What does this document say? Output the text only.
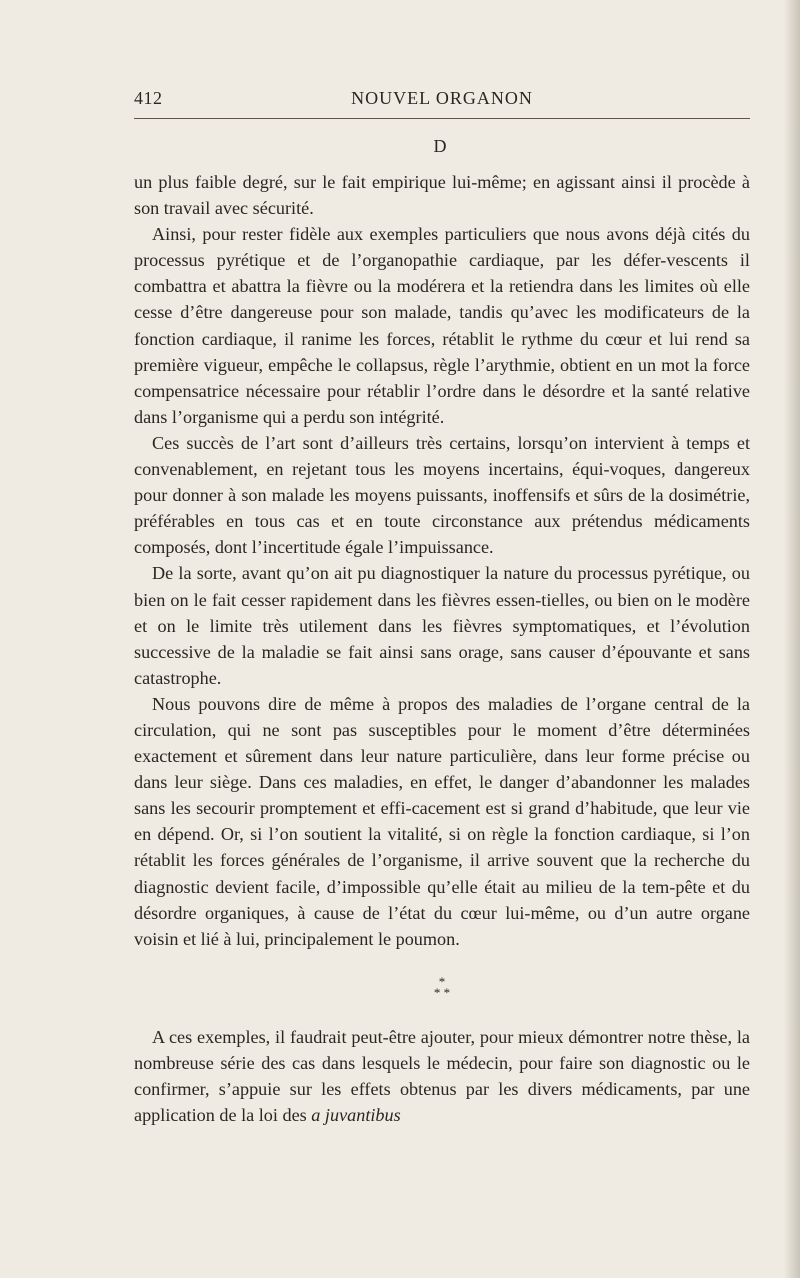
412	NOUVEL ORGANON
D

un plus faible degré, sur le fait empirique lui-même; en agissant ainsi il procède à son travail avec sécurité.

Ainsi, pour rester fidèle aux exemples particuliers que nous avons déjà cités du processus pyrétique et de l’organopathie cardiaque, par les défer-vescents il combattra et abattra la fièvre ou la modérera et la retiendra dans les limites où elle cesse d’être dangereuse pour son malade, tandis qu’avec les modificateurs de la fonction cardiaque, il ranime les forces, rétablit le rythme du cœur et lui rend sa première vigueur, empêche le collapsus, règle l’arythmie, obtient en un mot la force compensatrice nécessaire pour rétablir l’ordre dans le désordre et la santé relative dans l’organisme qui a perdu son intégrité.

Ces succès de l’art sont d’ailleurs très certains, lorsqu’on intervient à temps et convenablement, en rejetant tous les moyens incertains, équi-voques, dangereux pour donner à son malade les moyens puissants, inoffensifs et sûrs de la dosimétrie, préférables en tous cas et en toute circonstance aux prétendus médicaments composés, dont l’incertitude égale l’impuissance.

De la sorte, avant qu’on ait pu diagnostiquer la nature du processus pyrétique, ou bien on le fait cesser rapidement dans les fièvres essen-tielles, ou bien on le modère et on le limite très utilement dans les fièvres symptomatiques, et l’évolution successive de la maladie se fait ainsi sans orage, sans causer d’épouvante et sans catastrophe.

Nous pouvons dire de même à propos des maladies de l’organe central de la circulation, qui ne sont pas susceptibles pour le moment d’être déterminées exactement et sûrement dans leur nature particulière, dans leur forme précise ou dans leur siège. Dans ces maladies, en effet, le danger d’abandonner les malades sans les secourir promptement et effi-cacement est si grand d’habitude, que leur vie en dépend. Or, si l’on soutient la vitalité, si on règle la fonction cardiaque, si l’on rétablit les forces générales de l’organisme, il arrive souvent que la recherche du diagnostic devient facile, d’impossible qu’elle était au milieu de la tem-pête et du désordre organiques, à cause de l’état du cœur lui-même, ou d’un autre organe voisin et lié à lui, principalement le poumon.

*
* *

A ces exemples, il faudrait peut-être ajouter, pour mieux démontrer notre thèse, la nombreuse série des cas dans lesquels le médecin, pour faire son diagnostic ou le confirmer, s’appuie sur les effets obtenus par les divers médicaments, par une application de la loi des a juvantibus
